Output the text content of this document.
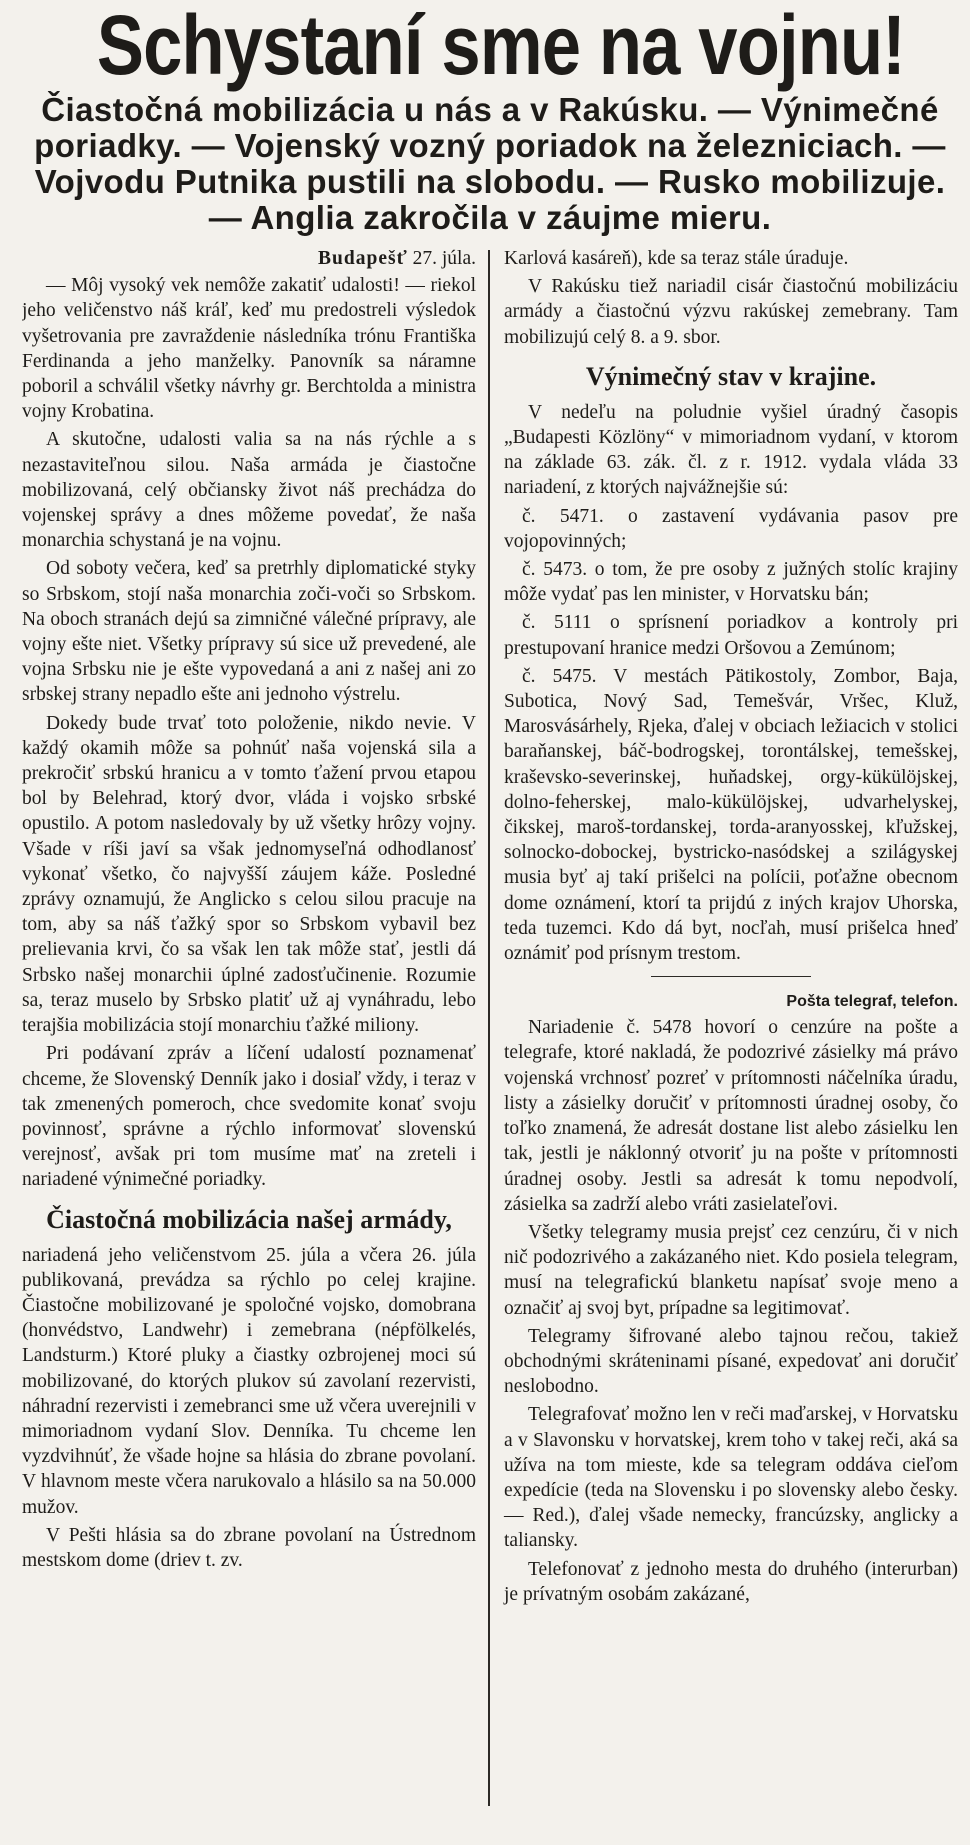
Schystaní sme na vojnu!
Čiastočná mobilizácia u nás a v Rakúsku. — Výnimečné poriadky. — Vojenský vozný poriadok na železniciach. — Vojvodu Putnika pustili na slobodu. — Rusko mobilizuje. — Anglia zakročila v záujme mieru.
Budapešť 27. júla.

— Môj vysoký vek nemôže zakatiť udalosti! — riekol jeho veličenstvo náš kráľ, keď mu predostreli výsledok vyšetrovania pre zavraždenie následníka trónu Františka Ferdinanda a jeho manželky. Panovník sa náramne poboril a schválil všetky návrhy gr. Berchtolda a ministra vojny Krobatina.

A skutočne, udalosti valia sa na nás rýchle a s nezastaviteľnou silou. Naša armáda je čiastočne mobilizovaná, celý občiansky život náš prechádza do vojenskej správy a dnes môžeme povedať, že naša monarchia schystaná je na vojnu.

Od soboty večera, keď sa pretrhly diplomatické styky so Srbskom, stojí naša monarchia zoči-voči so Srbskom. Na oboch stranách dejú sa zimničné válečné prípravy, ale vojny ešte niet. Všetky prípravy sú sice už prevedené, ale vojna Srbsku nie je ešte vypovedaná a ani z našej ani zo srbskej strany nepadlo ešte ani jednoho výstrelu.

Dokedy bude trvať toto položenie, nikdo nevie. V každý okamih môže sa pohnúť naša vojenská sila a prekročiť srbskú hranicu a v tomto ťažení prvou etapou bol by Belehrad, ktorý dvor, vláda i vojsko srbské opustilo. A potom nasledovaly by už všetky hrôzy vojny. Všade v ríši javí sa však jednomyseľná odhodlanosť vykonať všetko, čo najvyšší záujem káže. Posledné zprávy oznamujú, že Anglicko s celou silou pracuje na tom, aby sa náš ťažký spor so Srbskom vybavil bez prelievania krvi, čo sa však len tak môže stať, jestli dá Srbsko našej monarchii úplné zadosťučinenie. Rozumie sa, teraz muselo by Srbsko platiť už aj vynáhradu, lebo terajšia mobilizácia stojí monarchiu ťažké miliony.

Pri podávaní zpráv a líčení udalostí poznamenať chceme, že Slovenský Denník jako i dosiaľ vždy, i teraz v tak zmenených pomeroch, chce svedomite konať svoju povinnosť, správne a rýchlo informovať slovenskú verejnosť, avšak pri tom musíme mať na zreteli i nariadené výnimečné poriadky.

Čiastočná mobilizácia našej armády,

nariadená jeho veličenstvom 25. júla a včera 26. júla publikovaná, prevádza sa rýchlo po celej krajine. Čiastočne mobilizované je spoločné vojsko, domobrana (honvédstvo, Landwehr) i zemebrana (népfölkelés, Landsturm.) Ktoré pluky a čiastky ozbrojenej moci sú mobilizované, do ktorých plukov sú zavolaní rezervisti, náhradní rezervisti i zemebranci sme už včera uverejnili v mimoriadnom vydaní Slov. Denníka. Tu chceme len vyzdvihnúť, že všade hojne sa hlásia do zbrane povolaní. V hlavnom meste včera narukovalo a hlásilo sa na 50.000 mužov.

V Pešti hlásia sa do zbrane povolaní na Ústrednom mestskom dome (driev t. zv.

Karlová kasáreň), kde sa teraz stále úraduje.

V Rakúsku tiež nariadil cisár čiastočnú mobilizáciu armády a čiastočnú výzvu rakúskej zemebrany. Tam mobilizujú celý 8. a 9. sbor.

Výnimečný stav v krajine.

V nedeľu na poludnie vyšiel úradný časopis „Budapesti Közlöny“ v mimoriadnom vydaní, v ktorom na základe 63. zák. čl. z r. 1912. vydala vláda 33 nariadení, z ktorých najvážnejšie sú:

č. 5471. o zastavení vydávania pasov pre vojopovinných;

č. 5473. o tom, že pre osoby z južných stolíc krajiny môže vydať pas len minister, v Horvatsku bán;

č. 5111 o sprísnení poriadkov a kontroly pri prestupovaní hranice medzi Oršovou a Zemúnom;

č. 5475. V mestách Pätikostoly, Zombor, Baja, Subotica, Nový Sad, Temešvár, Vršec, Kluž, Marosvásárhely, Rjeka, ďalej v obciach ležiacich v stolici baraňanskej, báč-bodrogskej, torontálskej, temešskej, kraševsko-severinskej, huňadskej, orgy-kükülöjskej, dolno-feherskej, malo-kükülöjskej, udvarhelyskej, čikskej, maroš-tordanskej, torda-aranyosskej, kľužskej, solnocko-dobockej, bystricko-nasódskej a szilágyskej musia byť aj takí prišelci na polícii, poťažne obecnom dome oznámení, ktorí ta prijdú z iných krajov Uhorska, teda tuzemci. Kdo dá byt, nocľah, musí prišelca hneď oznámiť pod prísnym trestom.

Pošta telegraf, telefon.

Nariadenie č. 5478 hovorí o cenzúre na pošte a telegrafe, ktoré nakladá, že podozrivé zásielky má právo vojenská vrchnosť pozreť v prítomnosti náčelníka úradu, listy a zásielky doručiť v prítomnosti úradnej osoby, čo toľko znamená, že adresát dostane list alebo zásielku len tak, jestli je náklonný otvoriť ju na pošte v prítomnosti úradnej osoby. Jestli sa adresát k tomu nepodvolí, zásielka sa zadrží alebo vráti zasielateľovi.

Všetky telegramy musia prejsť cez cenzúru, či v nich nič podozrivého a zakázaného niet. Kdo posiela telegram, musí na telegrafickú blanketu napísať svoje meno a označiť aj svoj byt, prípadne sa legitimovať.

Telegramy šifrované alebo tajnou rečou, takiež obchodnými skráteninami písané, expedovať ani doručiť neslobodno.

Telegrafovať možno len v reči maďarskej, v Horvatsku a v Slavonsku v horvatskej, krem toho v takej reči, aká sa užíva na tom mieste, kde sa telegram oddáva cieľom expedície (teda na Slovensku i po slovensky alebo česky. — Red.), ďalej všade nemecky, francúzsky, anglicky a taliansky.

Telefonovať z jednoho mesta do druhého (interurban) je prívatným osobám zakázané,
